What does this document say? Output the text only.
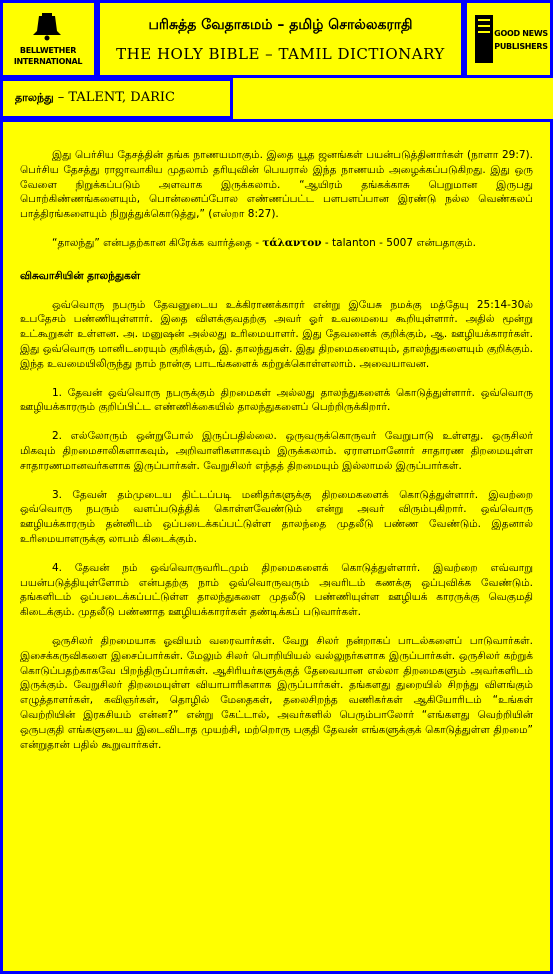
BELLWETHER
INTERNATIONAL
பரிசுத்த வேதாகமம் – தமிழ் சொல்லகராதி
THE HOLY BIBLE – TAMIL DICTIONARY
GOOD NEWS
PUBLISHERS
தாலந்து – TALENT, DARIC

இது பெர்சிய தேசத்தின் தங்க நாணயமாகும். இதை யூத ஜனங்கள் பயன்படுத்தினார்கள் (நாளா 29:7). பெர்சிய தேசத்து ராஜாவாகிய முதலாம் தரியுவின் பெயரால் இந்த நாணயம் அழைக்கப்படுகிறது. இது ஒரு வேளை நிறுக்கப்படும் அளவாக இருக்கலாம். “ஆயிரம் தங்கக்காசு பெறுமான இருபது பொற்கிண்ணங்களையும், பொன்னைப்போல எண்ணப்பட்ட பளபளப்பான இரண்டு நல்ல வெண்கலப் பாத்திரங்களையும் நிறுத்துக்கொடுத்து,” (எஸ்றா 8:27).

“தாலந்து” என்பதற்கான கிரேக்க வார்த்தை - τάλαντον - talanton - 5007 என்பதாகும்.

விசுவாசியின் தாலந்துகள்

ஒவ்வொரு நபரும் தேவனுடைய உக்கிராணக்காரர் என்று இயேசு நமக்கு மத்தேயு 25:14-30ல் உபதேசம் பண்ணியுள்ளார். இதை விளக்குவதற்கு அவர் ஓர் உவமையை கூறியுள்ளார். அதில் மூன்று உட்கூறுகள் உள்ளன. அ. மனுஷன் அல்லது உரிமையாளர். இது தேவனைக் குறிக்கும், ஆ. ஊழியக்காரர்கள். இது ஒவ்வொரு மானிடரையும் குறிக்கும், இ. தாலந்துகள். இது திறமைகளையும், தாலந்துகளையும் குறிக்கும். இந்த உவமையிலிருந்து நாம் நான்கு பாடங்களைக் கற்றுக்கொள்ளலாம். அவையாவன.

1. தேவன் ஒவ்வொரு நபருக்கும் திறமைகள் அல்லது தாலந்துகளைக் கொடுத்துள்ளார். ஒவ்வொரு ஊழியக்காரரும் குறிப்பிட்ட எண்ணிக்கையில் தாலந்துகளைப் பெற்றிருக்கிறார்.

2. எல்லோரும் ஒன்றுபோல் இருப்பதில்லை. ஒருவருக்கொருவர் வேறுபாடு உள்ளது. ஒருசிலர் மிகவும் திறமைசாலிகளாகவும், அறிவாளிகளாகவும் இருக்கலாம். ஏராளமானோர் சாதாரண திறமையுள்ள சாதாரணமானவர்களாக இருப்பார்கள். வேறுசிலர் எந்தத் திறமையும் இல்லாமல் இருப்பார்கள்.

3. தேவன் தம்முடைய திட்டப்படி மனிதர்களுக்கு திறமைகளைக் கொடுத்துள்ளார். இவற்றை ஒவ்வொரு நபரும் வளப்படுத்திக் கொள்ளவேண்டும் என்று அவர் விரும்புகிறார். ஒவ்வொரு ஊழியக்காரரும் தன்னிடம் ஒப்படைக்கப்பட்டுள்ள தாலந்தை முதலீடு பண்ண வேண்டும். இதனால் உரிமையாளருக்கு லாபம் கிடைக்கும்.

4. தேவன் நம் ஒவ்வொருவரிடமும் திறமைகளைக் கொடுத்துள்ளார். இவற்றை எவ்வாறு பயன்படுத்தியுள்ளோம் என்பதற்கு நாம் ஒவ்வொருவரும் அவரிடம் கணக்கு ஒப்புவிக்க வேண்டும். தங்களிடம் ஒப்படைக்கப்பட்டுள்ள தாலந்துகளை முதலீடு பண்ணியுள்ள ஊழியக் காரருக்கு வெகுமதி கிடைக்கும். முதலீடு பண்ணாத ஊழியக்காரர்கள் தண்டிக்கப் படுவார்கள்.

ஒருசிலர் திறமையாக ஓவியம் வரைவார்கள். வேறு சிலர் நன்றாகப் பாடல்களைப் பாடுவார்கள். இசைக்கருவிகளை இசைப்பார்கள். மேலும் சிலர் பொறியியல் வல்லுநர்களாக இருப்பார்கள். ஒருசிலர் கற்றுக் கொடுப்பதற்காகவே பிறந்திருப்பார்கள். ஆசிரியர்களுக்குத் தேவையான எல்லா திறமைகளும் அவர்களிடம் இருக்கும். வேறுசிலர் திறமையுள்ள வியாபாரிகளாக இருப்பார்கள். தங்களது துறையில் சிறந்து விளங்கும் எழுத்தாளர்கள், கவிஞர்கள், தொழில் மேதைகள், தலைசிறந்த வணிகர்கள் ஆகியோரிடம் “உங்கள் வெற்றியின் இரகசியம் என்ன?” என்று கேட்டால், அவர்களில் பெரும்பாலோர் “எங்களது வெற்றியின் ஒருபகுதி எங்களுடைய இடைவிடாத முயற்சி, மற்றொரு பகுதி தேவன் எங்களுக்குக் கொடுத்துள்ள திறமை” என்றுதான் பதில் கூறுவார்கள்.
